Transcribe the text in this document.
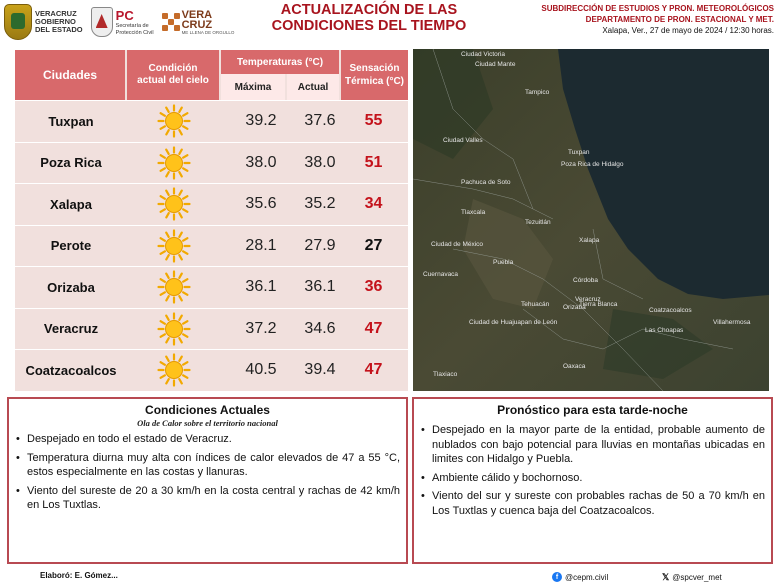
VERACRUZ
GOBIERNO
DEL ESTADO
PC
Secretaría de
Protección Civil
VERA
CRUZ
ME LLENA DE ORGULLO
ACTUALIZACIÓN DE LAS
CONDICIONES DEL TIEMPO
SUBDIRECCIÓN DE ESTUDIOS Y PRON. METEOROLÓGICOS
DEPARTAMENTO DE PRON. ESTACIONAL Y MET.
Xalapa, Ver., 27 de mayo de 2024 / 12:30 horas.
Ciudades	Condición actual del cielo
Temperaturas (°C)
Máxima	Actual
Sensación Térmica (°C)
Tuxpan	39.2	37.6	55
Poza Rica	38.0	38.0	51
Xalapa	35.6	35.2	34
Perote	28.1	27.9	27
Orizaba	36.1	36.1	36
Veracruz	37.2	34.6	47
Coatzacoalcos	40.5	39.4	47
Ciudad Mante
Tampico
Ciudad Valles
Tuxpan
Poza Rica de Hidalgo
Pachuca de Soto
Tlaxcala
Ciudad de México
Puebla
Cuernavaca
Xalapa
Córdoba
Veracruz
Tezuitlán
Tehuacán Orizaba
Tierra Blanca
Ciudad de Huajuapan de León
Coatzacoalcos
Las Choapas
Villahermosa
Tlaxiaco
Oaxaca
Ciudad Victoria
Condiciones Actuales
Ola de Calor sobre el territorio nacional
• Despejado en todo el estado de Veracruz.
• Temperatura diurna muy alta con índices de calor elevados de 47 a 55 °C, estos especialmente en las costas y llanuras.
• Viento del sureste de 20 a 30 km/h en la costa central y rachas de 42 km/h en Los Tuxtlas.
Pronóstico para esta tarde-noche
• Despejado en la mayor parte de la entidad, probable aumento de nublados con bajo potencial para lluvias en montañas ubicadas en limites con Hidalgo y Puebla.
• Ambiente cálido y bochornoso.
• Viento del sur y sureste con probables rachas de 50 a 70 km/h en Los Tuxtlas y cuenca baja del Coatzacoalcos.
Elaboró: E. Gómez...	f @cepm.civil	𝕏 @spcver_met
